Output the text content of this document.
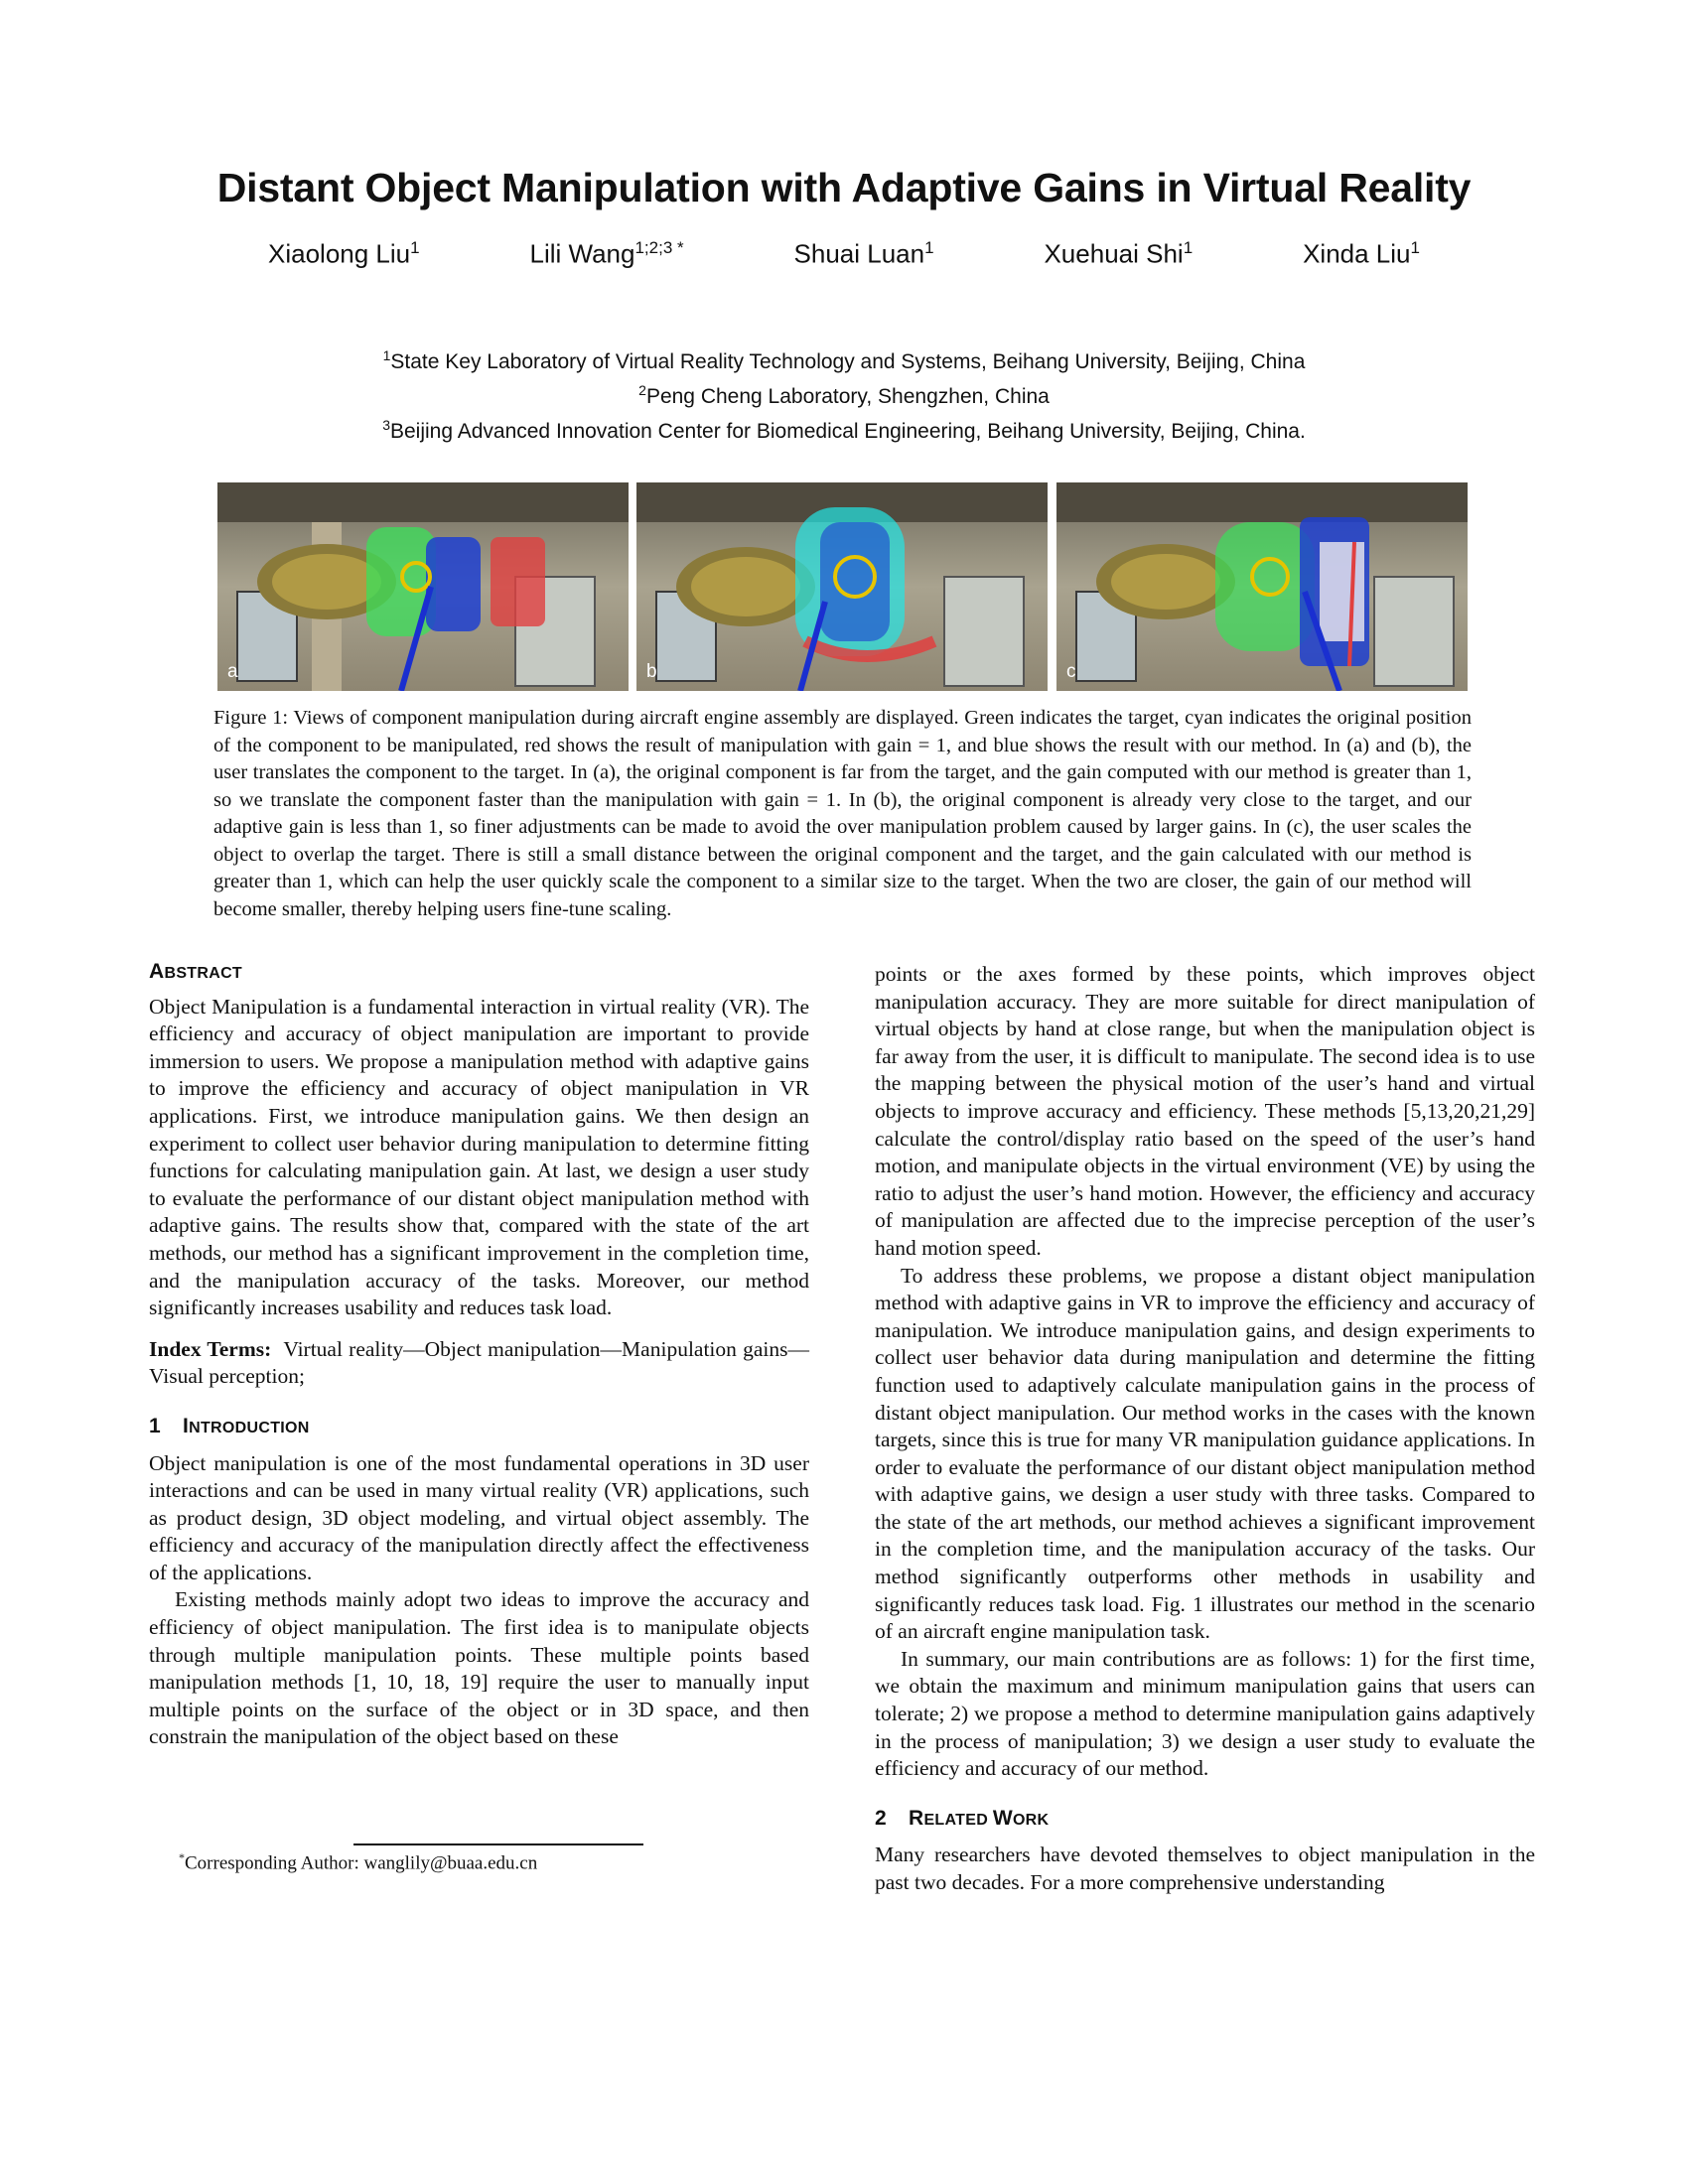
Distant Object Manipulation with Adaptive Gains in Virtual Reality
Xiaolong Liu$^1$	Lili Wang$^{1;2;3 *}$	Shuai Luan$^1$	Xuehuai Shi$^1$	Xinda Liu$^1$
$^1$State Key Laboratory of Virtual Reality Technology and Systems, Beihang University, Beijing, China
$^2$Peng Cheng Laboratory, Shengzhen, China
$^3$Beijing Advanced Innovation Center for Biomedical Engineering, Beihang University, Beijing, China.
a	b	c
Figure 1: Views of component manipulation during aircraft engine assembly are displayed. Green indicates the target, cyan indicates the original position of the component to be manipulated, red shows the result of manipulation with gain = 1, and blue shows the result with our method. In (a) and (b), the user translates the component to the target. In (a), the original component is far from the target, and the gain computed with our method is greater than 1, so we translate the component faster than the manipulation with gain = 1. In (b), the original component is already very close to the target, and our adaptive gain is less than 1, so finer adjustments can be made to avoid the over manipulation problem caused by larger gains. In (c), the user scales the object to overlap the target. There is still a small distance between the original component and the target, and the gain calculated with our method is greater than 1, which can help the user quickly scale the component to a similar size to the target. When the two are closer, the gain of our method will become smaller, thereby helping users fine-tune scaling.
ABSTRACT

Object Manipulation is a fundamental interaction in virtual reality (VR). The efficiency and accuracy of object manipulation are important to provide immersion to users. We propose a manipulation method with adaptive gains to improve the efficiency and accuracy of object manipulation in VR applications. First, we introduce manipulation gains. We then design an experiment to collect user behavior during manipulation to determine fitting functions for calculating manipulation gain. At last, we design a user study to evaluate the performance of our distant object manipulation method with adaptive gains. The results show that, compared with the state of the art methods, our method has a significant improvement in the completion time, and the manipulation accuracy of the tasks. Moreover, our method significantly increases usability and reduces task load.

Index Terms: Virtual reality—Object manipulation—Manipulation gains—Visual perception;

1 INTRODUCTION

Object manipulation is one of the most fundamental operations in 3D user interactions and can be used in many virtual reality (VR) applications, such as product design, 3D object modeling, and virtual object assembly. The efficiency and accuracy of the manipulation directly affect the effectiveness of the applications.

Existing methods mainly adopt two ideas to improve the accuracy and efficiency of object manipulation. The first idea is to manipulate objects through multiple manipulation points. These multiple points based manipulation methods [1, 10, 18, 19] require the user to manually input multiple points on the surface of the object or in 3D space, and then constrain the manipulation of the object based on these

*Corresponding Author: wanglily@buaa.edu.cn

points or the axes formed by these points, which improves object manipulation accuracy. They are more suitable for direct manipulation of virtual objects by hand at close range, but when the manipulation object is far away from the user, it is difficult to manipulate. The second idea is to use the mapping between the physical motion of the user’s hand and virtual objects to improve accuracy and efficiency. These methods [5,13,20,21,29] calculate the control/display ratio based on the speed of the user’s hand motion, and manipulate objects in the virtual environment (VE) by using the ratio to adjust the user’s hand motion. However, the efficiency and accuracy of manipulation are affected due to the imprecise perception of the user’s hand motion speed.

To address these problems, we propose a distant object manipulation method with adaptive gains in VR to improve the efficiency and accuracy of manipulation. We introduce manipulation gains, and design experiments to collect user behavior data during manipulation and determine the fitting function used to adaptively calculate manipulation gains in the process of distant object manipulation. Our method works in the cases with the known targets, since this is true for many VR manipulation guidance applications. In order to evaluate the performance of our distant object manipulation method with adaptive gains, we design a user study with three tasks. Compared to the state of the art methods, our method achieves a significant improvement in the completion time, and the manipulation accuracy of the tasks. Our method significantly outperforms other methods in usability and significantly reduces task load. Fig. 1 illustrates our method in the scenario of an aircraft engine manipulation task.

In summary, our main contributions are as follows: 1) for the first time, we obtain the maximum and minimum manipulation gains that users can tolerate; 2) we propose a method to determine manipulation gains adaptively in the process of manipulation; 3) we design a user study to evaluate the efficiency and accuracy of our method.

2 RELATED WORK

Many researchers have devoted themselves to object manipulation in the past two decades. For a more comprehensive understanding
